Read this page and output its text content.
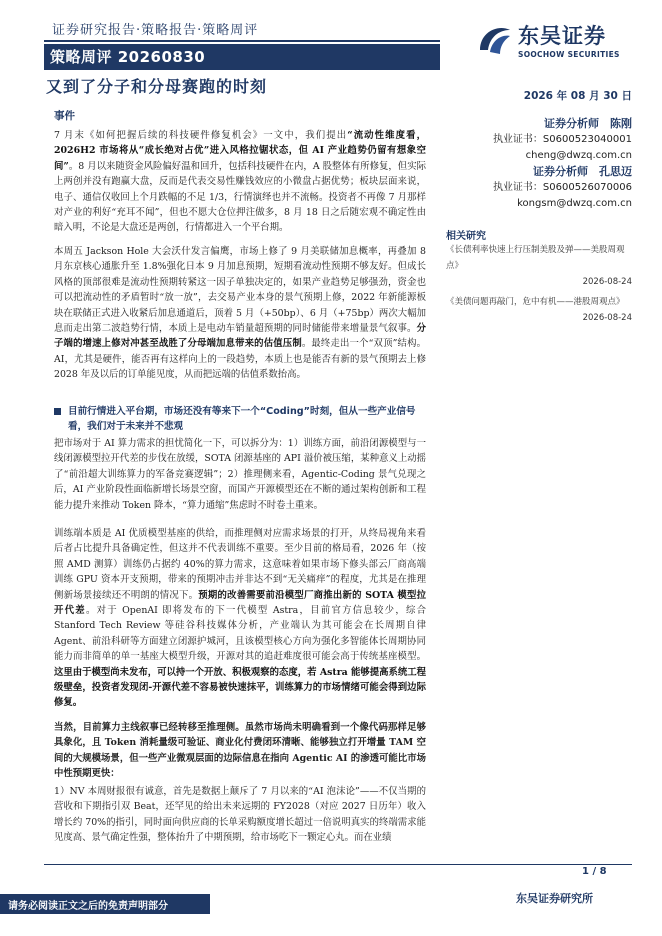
证券研究报告·策略报告·策略周评
策略周评 20260830
东吴证券
SOOCHOW SECURITIES
又到了分子和分母赛跑的时刻	2026 年 08 月 30 日
证券分析师　陈刚
执业证书：S0600523040001
cheng@dwzq.com.cn
证券分析师　孔思迈
执业证书：S0600526070006
kongsm@dwzq.com.cn
相关研究
《长债利率快速上行压制美股及弹——美股周观点》
2026-08-24
《美债问题再敲门，危中有机——港股周观点》
2026-08-24
事件
7 月末《如何把握后续的科技硬件修复机会》一文中，我们提出“流动性维度看，2026H2 市场将从“成长绝对占优”进入风格拉锯状态，但 AI 产业趋势仍留有想象空间”。8 月以来随资金风险偏好温和回升，包括科技硬件在内，A 股整体有所修复，但实际上两创并没有跑赢大盘，反而是代表交易性赚钱效应的小微盘占据优势；板块层面来说，电子、通信仅收回上个月跌幅的不足 1/3，行情演绎也并不流畅。投资者不再像 7 月那样对产业的利好“充耳不闻”，但也不愿大仓位押注做多，8 月 18 日之后随宏观不确定性由暗入明，不论是大盘还是两创，行情都进入一个平台期。
本周五 Jackson Hole 大会沃什发言偏鹰，市场上修了 9 月美联储加息概率，再叠加 8 月东京核心通胀升至 1.8%强化日本 9 月加息预期，短期看流动性预期不够友好。但成长风格的顶部很难是流动性预期转紧这一因子单独决定的，如果产业趋势足够强劲，资金也可以把流动性的矛盾暂时“放一放”，去交易产业本身的景气预期上修，2022 年新能源板块在联储正式进入收紧后加息通道后，顶着 5 月（+50bp）、6 月（+75bp）两次大幅加息而走出第二波趋势行情，本质上是电动车销量超预期的同时储能带来增量景气叙事。分子端的增速上修对冲甚至战胜了分母端加息带来的估值压制。最终走出一个“双顶”结构。AI，尤其是硬件，能否再有这样向上的一段趋势，本质上也是能否有新的景气预期去上修 2028 年及以后的订单能见度，从而把远端的估值系数抬高。
目前行情进入平台期，市场还没有等来下一个“Coding”时刻，但从一些产业信号看，我们对于未来并不悲观
把市场对于 AI 算力需求的担忧简化一下，可以拆分为：1）训练方面，前沿闭源模型与一线闭源模型拉开代差的步伐在放缓，SOTA 闭源基座的 API 溢价被压缩，某种意义上动摇了“前沿超大训练算力的军备竞赛逻辑”；2）推理侧来看，Agentic-Coding 景气兑现之后，AI 产业阶段性面临新增长场景空窗，而国产开源模型还在不断的通过架构创新和工程能力提升来推动 Token 降本，“算力通缩”焦虑时不时卷土重来。
训练端本质是 AI 优质模型基座的供给，而推理侧对应需求场景的打开，从终局视角来看后者占比提升具备确定性，但这并不代表训练不重要。至少目前的格局看，2026 年（按照 AMD 测算）训练仍占据约 40%的算力需求，这意味着如果市场下修头部云厂商高端训练 GPU 资本开支预期，带来的预期冲击并非达不到“无关痛痒”的程度，尤其是在推理侧新场景接续还不明朗的情况下。预期的改善需要前沿模型厂商推出新的 SOTA 模型拉开代差。对于 OpenAI 即将发布的下一代模型 Astra，目前官方信息较少，综合 Stanford Tech Review 等硅谷科技媒体分析，产业端认为其可能会在长周期自律 Agent、前沿科研等方面建立闭源护城河，且该模型核心方向为强化多智能体长周期协同能力而非简单的单一基座大模型升级，开源对其的追赶难度很可能会高于传统基座模型。这里由于模型尚未发布，可以持一个开放、积极观察的态度，若 Astra 能够提高系统工程级壁垒，投资者发现闭-开源代差不容易被快速抹平，训练算力的市场情绪可能会得到边际修复。
当然，目前算力主线叙事已经转移至推理侧。虽然市场尚未明确看到一个像代码那样足够具象化，且 Token 消耗量级可验证、商业化付费闭环清晰、能够独立打开增量 TAM 空间的大规模场景，但一些产业微观层面的边际信息在指向 Agentic AI 的渗透可能比市场中性预期更快：
1）NV 本周财报很有诚意，首先是数据上颠斥了 7 月以来的“AI 泡沫论”——不仅当期的营收和下期指引双 Beat，还罕见的给出未来远期的 FY2028（对应 2027 日历年）收入增长约 70%的指引，同时面向供应商的长单采购额度增长超过一倍说明真实的终端需求能见度高、景气确定性强，整体抬升了中期预期，给市场吃下一颗定心丸。而在业绩
1 / 8
请务必阅读正文之后的免责声明部分
东吴证券研究所
